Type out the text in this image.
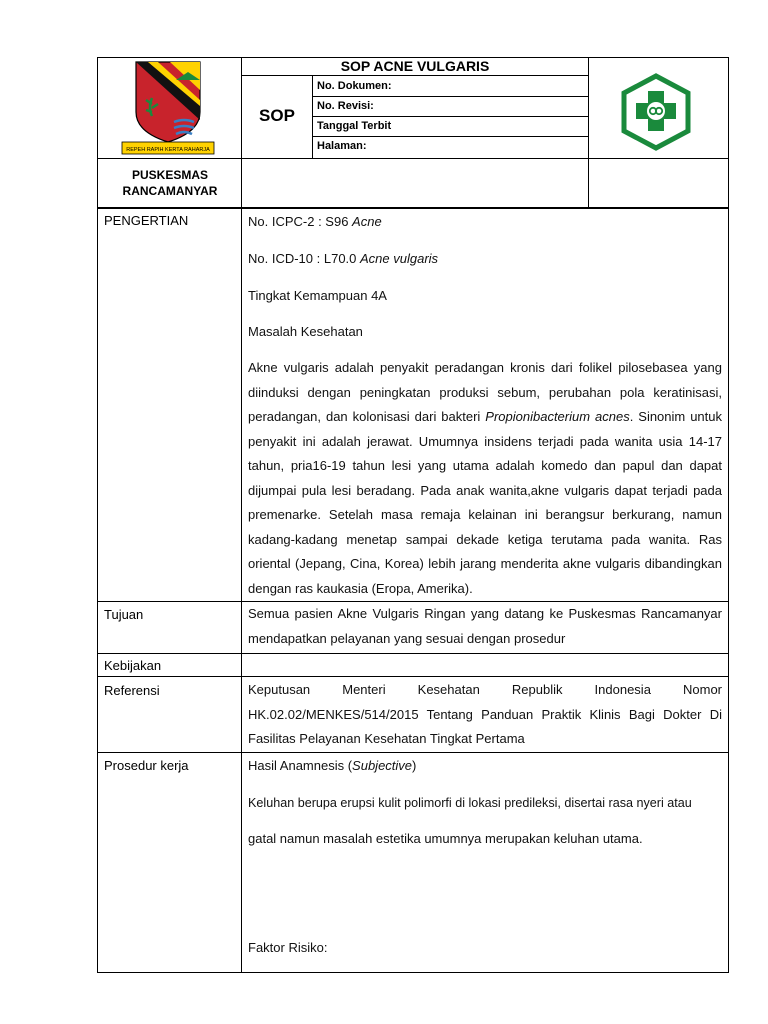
REPEH RAPIH KERTA RAHARJA
SOP ACNE VULGARIS
SOP
No. Dokumen:
No. Revisi:
Tanggal Terbit
Halaman:
PUSKESMAS
RANCAMANYAR
PENGERTIAN	No. ICPC-2 : S96 Acne
No. ICD-10 : L70.0 Acne vulgaris
Tingkat Kemampuan 4A
Masalah Kesehatan
Akne vulgaris adalah penyakit peradangan kronis dari folikel pilosebasea yang diinduksi dengan peningkatan produksi sebum, perubahan pola keratinisasi, peradangan, dan kolonisasi dari bakteri Propionibacterium acnes. Sinonim untuk penyakit ini adalah jerawat. Umumnya insidens terjadi pada wanita usia 14-17 tahun, pria16-19 tahun lesi yang utama adalah komedo dan papul dan dapat dijumpai pula lesi beradang. Pada anak wanita,akne vulgaris dapat terjadi pada premenarke. Setelah masa remaja kelainan ini berangsur berkurang, namun kadang-kadang menetap sampai dekade ketiga terutama pada wanita. Ras oriental (Jepang, Cina, Korea) lebih jarang menderita akne vulgaris dibandingkan dengan ras kaukasia (Eropa, Amerika).
Tujuan	Semua pasien Akne Vulgaris Ringan yang datang ke Puskesmas Rancamanyar mendapatkan pelayanan yang sesuai dengan prosedur
Kebijakan
Referensi	Keputusan Menteri Kesehatan Republik Indonesia Nomor HK.02.02/MENKES/514/2015 Tentang Panduan Praktik Klinis Bagi Dokter Di Fasilitas Pelayanan Kesehatan Tingkat Pertama
Prosedur kerja	Hasil Anamnesis (Subjective)
Keluhan berupa erupsi kulit polimorfi di lokasi predileksi, disertai rasa nyeri atau
gatal namun masalah estetika umumnya merupakan keluhan utama.
Faktor Risiko:
